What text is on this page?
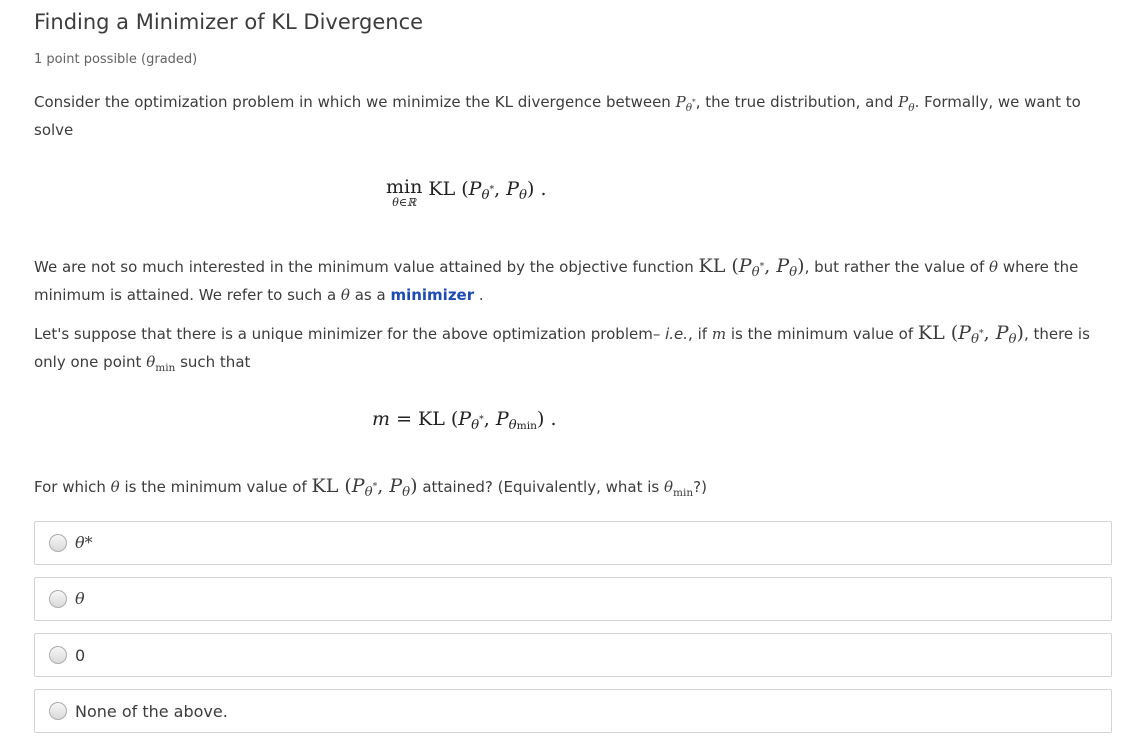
Finding a Minimizer of KL Divergence
1 point possible (graded)
Consider the optimization problem in which we minimize the KL divergence between $P_{\theta^*}$, the true distribution, and $P_\theta$. Formally, we want to solve
min
θ∈ℝ
KL ($P_{\theta^*}$, $P_\theta$) .
We are not so much interested in the minimum value attained by the objective function KL ($P_{\theta^*}$, $P_\theta$), but rather the value of θ where the minimum is attained. We refer to such a θ as a minimizer .
Let's suppose that there is a unique minimizer for the above optimization problem– i.e., if m is the minimum value of KL ($P_{\theta^*}$, $P_\theta$), there is only one point $\theta_{min}$ such that
m = KL ($P_{\theta^*}$, $P_{\theta min}$) .
For which θ is the minimum value of KL ($P_{\theta^*}$, $P_\theta$) attained? (Equivalently, what is $\theta_{min}$?)
θ*
θ
0
None of the above.
